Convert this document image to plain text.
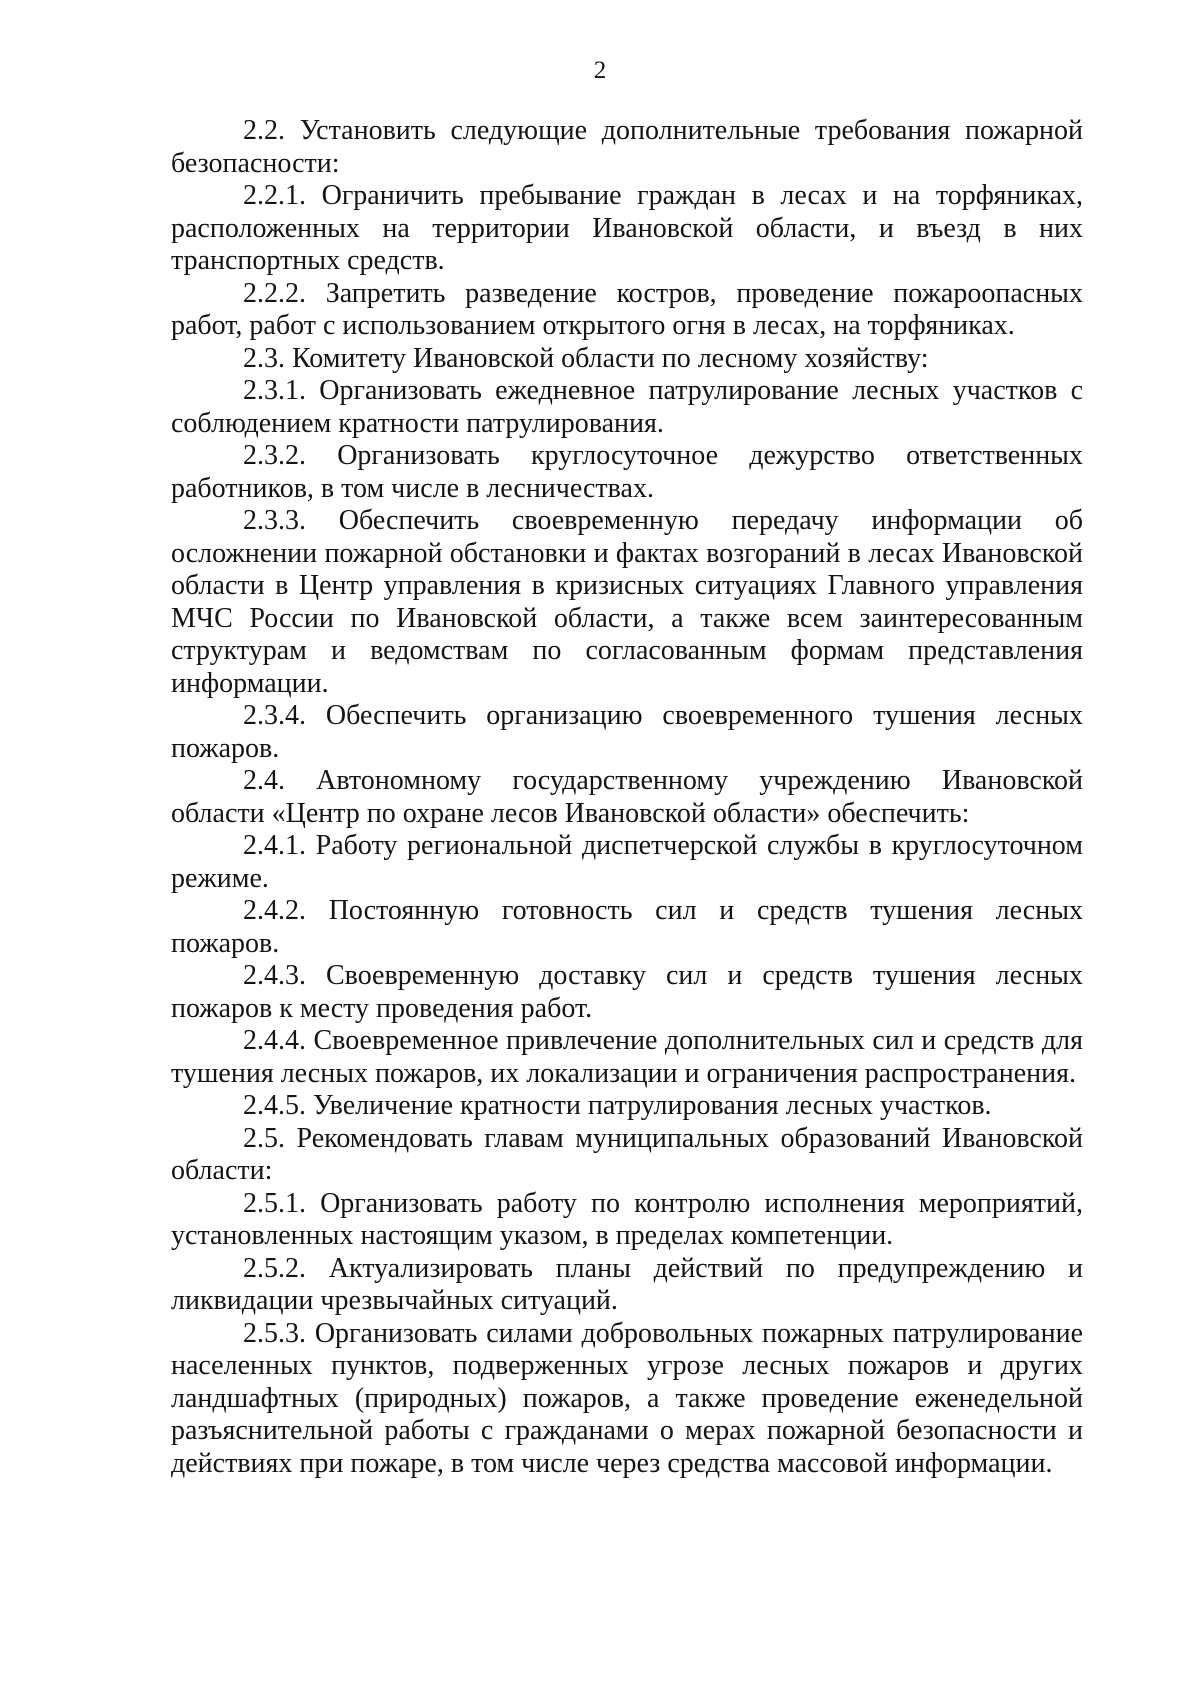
2

2.2. Установить следующие дополнительные требования пожарной безопасности:

2.2.1. Ограничить пребывание граждан в лесах и на торфяниках, расположенных на территории Ивановской области, и въезд в них транспортных средств.

2.2.2. Запретить разведение костров, проведение пожароопасных работ, работ с использованием открытого огня в лесах, на торфяниках.

2.3. Комитету Ивановской области по лесному хозяйству:

2.3.1. Организовать ежедневное патрулирование лесных участков с соблюдением кратности патрулирования.

2.3.2. Организовать круглосуточное дежурство ответственных работников, в том числе в лесничествах.

2.3.3. Обеспечить своевременную передачу информации об осложнении пожарной обстановки и фактах возгораний в лесах Ивановской области в Центр управления в кризисных ситуациях Главного управления МЧС России по Ивановской области, а также всем заинтересованным структурам и ведомствам по согласованным формам представления информации.

2.3.4. Обеспечить организацию своевременного тушения лесных пожаров.

2.4. Автономному государственному учреждению Ивановской области «Центр по охране лесов Ивановской области» обеспечить:

2.4.1. Работу региональной диспетчерской службы в круглосуточном режиме.

2.4.2. Постоянную готовность сил и средств тушения лесных пожаров.

2.4.3. Своевременную доставку сил и средств тушения лесных пожаров к месту проведения работ.

2.4.4. Своевременное привлечение дополнительных сил и средств для тушения лесных пожаров, их локализации и ограничения распространения.

2.4.5. Увеличение кратности патрулирования лесных участков.

2.5. Рекомендовать главам муниципальных образований Ивановской области:

2.5.1. Организовать работу по контролю исполнения мероприятий, установленных настоящим указом, в пределах компетенции.

2.5.2. Актуализировать планы действий по предупреждению и ликвидации чрезвычайных ситуаций.

2.5.3. Организовать силами добровольных пожарных патрулирование населенных пунктов, подверженных угрозе лесных пожаров и других ландшафтных (природных) пожаров, а также проведение еженедельной разъяснительной работы с гражданами о мерах пожарной безопасности и действиях при пожаре, в том числе через средства массовой информации.
